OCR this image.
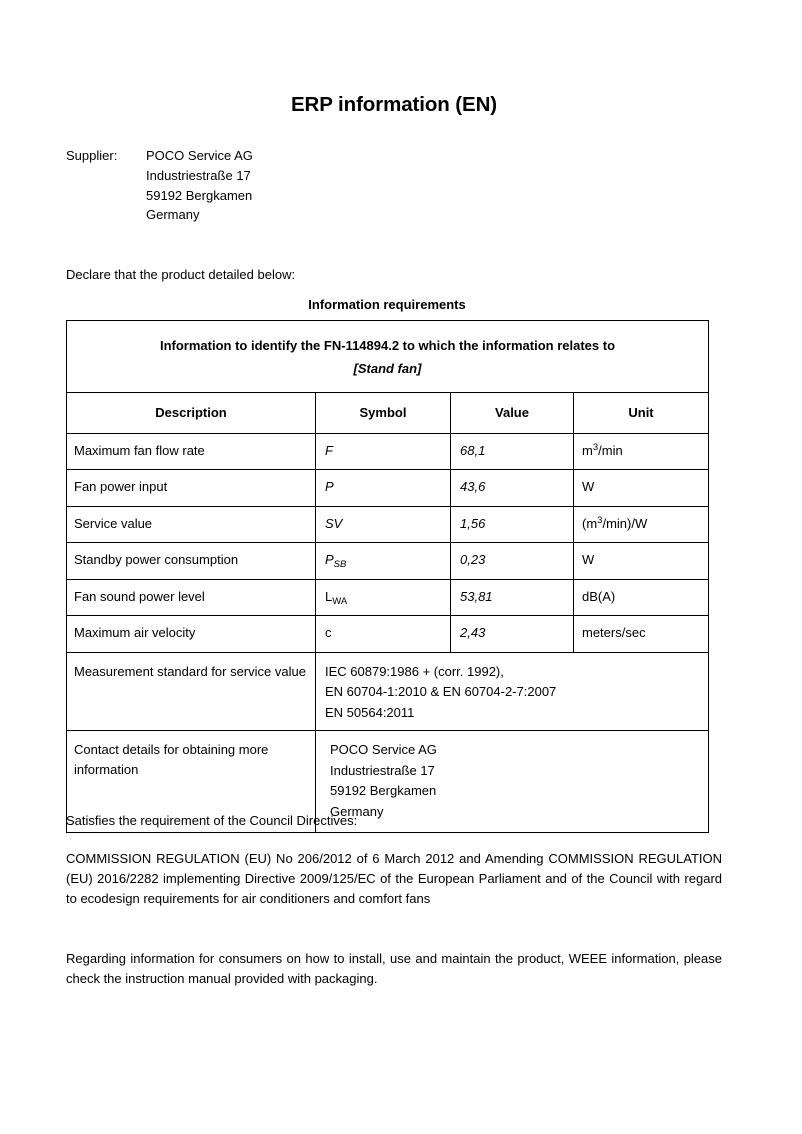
ERP information (EN)
Supplier:	POCO Service AG
Industriestraße 17
59192 Bergkamen
Germany
Declare that the product detailed below:
Information requirements
Information to identify the FN-114894.2 to which the information relates to
[Stand fan]			

Description	Symbol	Value	Unit

Maximum fan flow rate	F	68,1	$m^3/\min$

Fan power input	P	43,6	W

Service value	SV	1,56	$(m^3/\min)/W$

Standby power consumption	$P_{SB}$	0,23	W

Fan sound power level	$L_{WA}$	53,81	dB(A)

Maximum air velocity	c	2,43	meters/sec

Measurement standard for service value	IEC 60879:1986 + (corr. 1992),
EN 60704-1:2010 & EN 60704-2-7:2007
EN 50564:2011		

Contact details for obtaining more information	POCO Service AG
Industriestraße 17
59192 Bergkamen
Germany		
Satisfies the requirement of the Council Directives:

COMMISSION REGULATION (EU) No 206/2012 of 6 March 2012 and Amending COMMISSION REGULATION (EU) 2016/2282 implementing Directive 2009/125/EC of the European Parliament and of the Council with regard to ecodesign requirements for air conditioners and comfort fans

Regarding information for consumers on how to install, use and maintain the product, WEEE information, please check the instruction manual provided with packaging.
